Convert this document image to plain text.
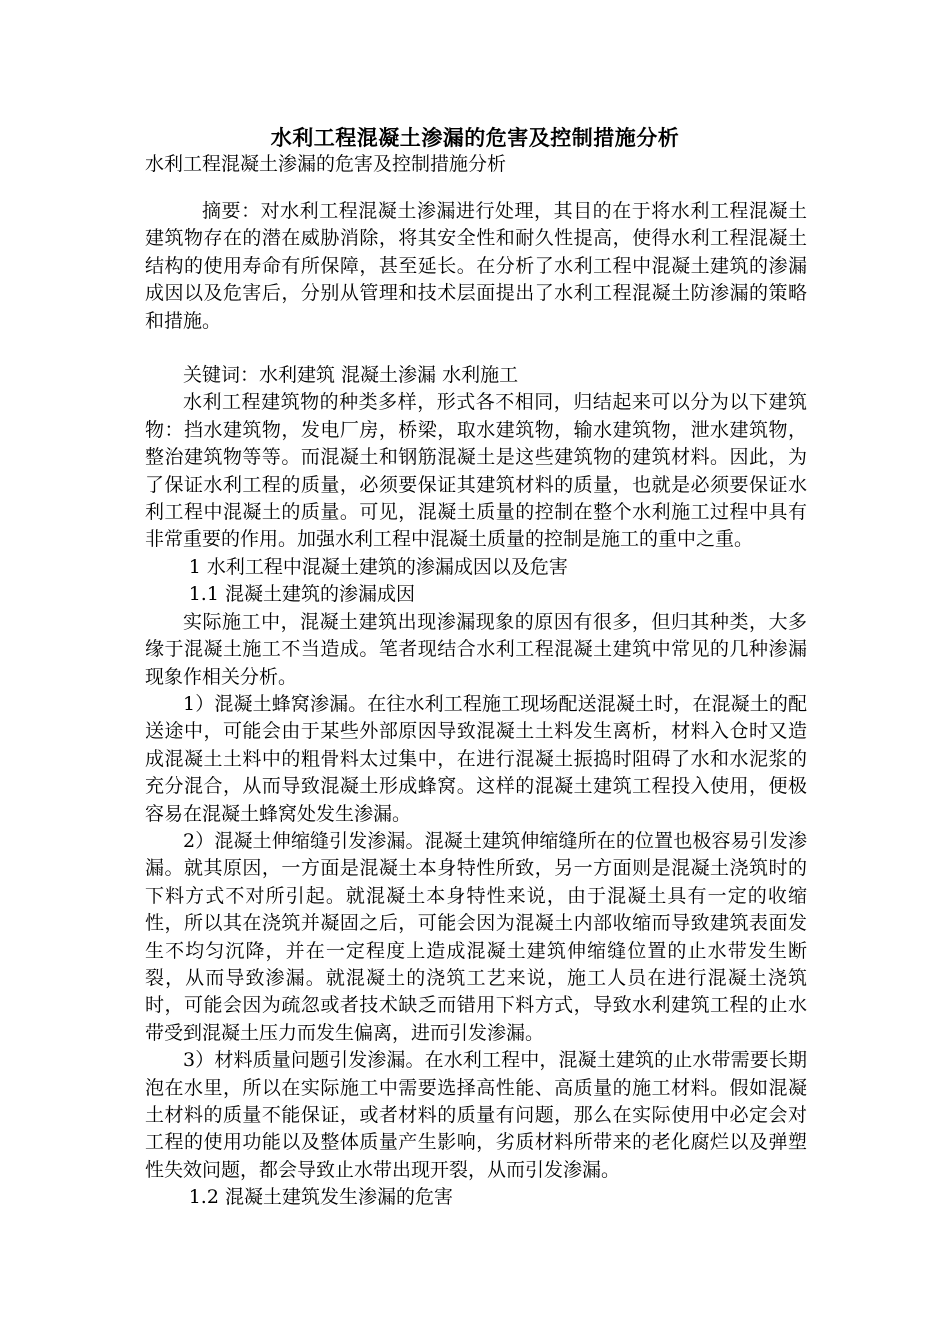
水利工程混凝土渗漏的危害及控制措施分析
水利工程混凝土渗漏的危害及控制措施分析

摘要：对水利工程混凝土渗漏进行处理，其目的在于将水利工程混凝土建筑物存在的潜在威胁消除，将其安全性和耐久性提高，使得水利工程混凝土结构的使用寿命有所保障，甚至延长。在分析了水利工程中混凝土建筑的渗漏成因以及危害后，分别从管理和技术层面提出了水利工程混凝土防渗漏的策略和措施。

关键词：水利建筑 混凝土渗漏 水利施工

水利工程建筑物的种类多样，形式各不相同，归结起来可以分为以下建筑物：挡水建筑物，发电厂房，桥梁，取水建筑物，输水建筑物，泄水建筑物，整治建筑物等等。而混凝土和钢筋混凝土是这些建筑物的建筑材料。因此，为了保证水利工程的质量，必须要保证其建筑材料的质量，也就是必须要保证水利工程中混凝土的质量。可见，混凝土质量的控制在整个水利施工过程中具有非常重要的作用。加强水利工程中混凝土质量的控制是施工的重中之重。

1 水利工程中混凝土建筑的渗漏成因以及危害

1.1 混凝土建筑的渗漏成因

实际施工中，混凝土建筑出现渗漏现象的原因有很多，但归其种类，大多缘于混凝土施工不当造成。笔者现结合水利工程混凝土建筑中常见的几种渗漏现象作相关分析。

1）混凝土蜂窝渗漏。在往水利工程施工现场配送混凝土时，在混凝土的配送途中，可能会由于某些外部原因导致混凝土土料发生离析，材料入仓时又造成混凝土土料中的粗骨料太过集中，在进行混凝土振捣时阻碍了水和水泥浆的充分混合，从而导致混凝土形成蜂窝。这样的混凝土建筑工程投入使用，便极容易在混凝土蜂窝处发生渗漏。

2）混凝土伸缩缝引发渗漏。混凝土建筑伸缩缝所在的位置也极容易引发渗漏。就其原因，一方面是混凝土本身特性所致，另一方面则是混凝土浇筑时的下料方式不对所引起。就混凝土本身特性来说，由于混凝土具有一定的收缩性，所以其在浇筑并凝固之后，可能会因为混凝土内部收缩而导致建筑表面发生不均匀沉降，并在一定程度上造成混凝土建筑伸缩缝位置的止水带发生断裂，从而导致渗漏。就混凝土的浇筑工艺来说，施工人员在进行混凝土浇筑时，可能会因为疏忽或者技术缺乏而错用下料方式，导致水利建筑工程的止水带受到混凝土压力而发生偏离，进而引发渗漏。

3）材料质量问题引发渗漏。在水利工程中，混凝土建筑的止水带需要长期泡在水里，所以在实际施工中需要选择高性能、高质量的施工材料。假如混凝土材料的质量不能保证，或者材料的质量有问题，那么在实际使用中必定会对工程的使用功能以及整体质量产生影响，劣质材料所带来的老化腐烂以及弹塑性失效问题，都会导致止水带出现开裂，从而引发渗漏。

1.2 混凝土建筑发生渗漏的危害
